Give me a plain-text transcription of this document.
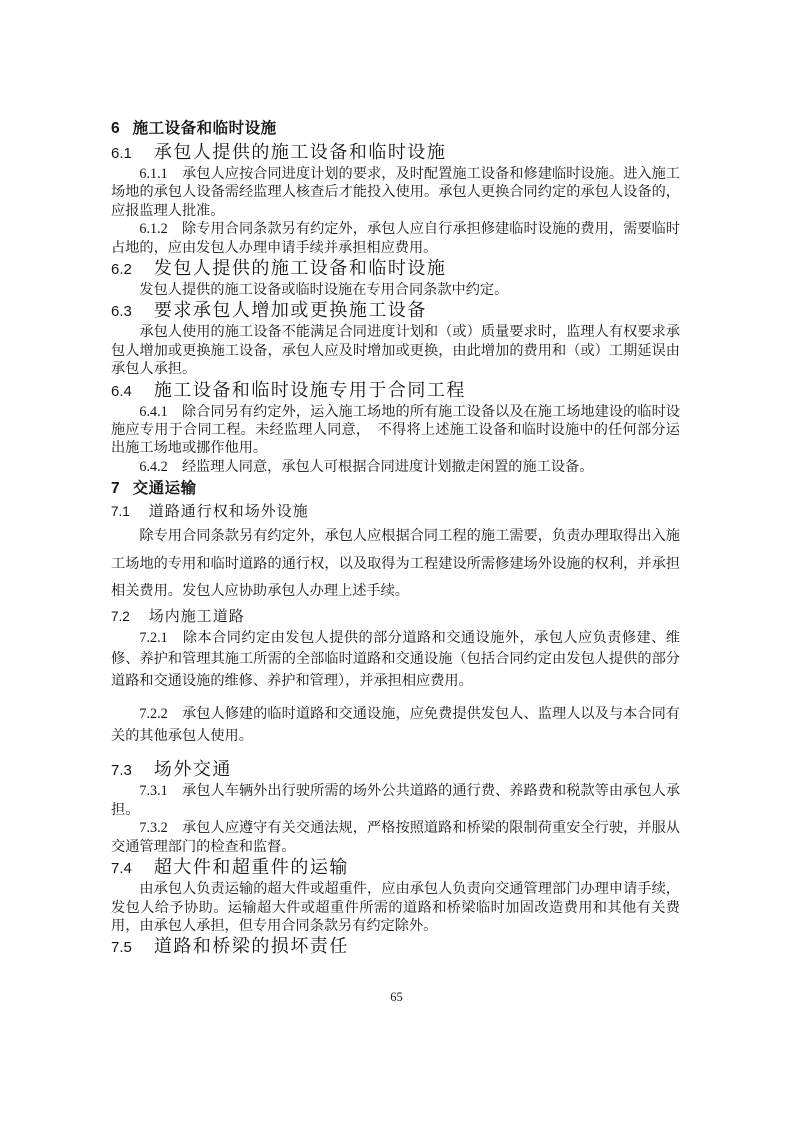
6 施工设备和临时设施
6.1 承包人提供的施工设备和临时设施
6.1.1　承包人应按合同进度计划的要求，及时配置施工设备和修建临时设施。进入施工场地的承包人设备需经监理人核查后才能投入使用。承包人更换合同约定的承包人设备的，应报监理人批准。
6.1.2　除专用合同条款另有约定外，承包人应自行承担修建临时设施的费用，需要临时占地的，应由发包人办理申请手续并承担相应费用。
6.2 发包人提供的施工设备和临时设施
发包人提供的施工设备或临时设施在专用合同条款中约定。
6.3 要求承包人增加或更换施工设备
承包人使用的施工设备不能满足合同进度计划和（或）质量要求时，监理人有权要求承包人增加或更换施工设备，承包人应及时增加或更换，由此增加的费用和（或）工期延误由承包人承担。
6.4 施工设备和临时设施专用于合同工程
6.4.1　除合同另有约定外，运入施工场地的所有施工设备以及在施工场地建设的临时设施应专用于合同工程。未经监理人同意，　不得将上述施工设备和临时设施中的任何部分运出施工场地或挪作他用。
6.4.2　经监理人同意，承包人可根据合同进度计划撤走闲置的施工设备。
7 交通运输
7.1 道路通行权和场外设施
除专用合同条款另有约定外，承包人应根据合同工程的施工需要，负责办理取得出入施工场地的专用和临时道路的通行权，以及取得为工程建设所需修建场外设施的权利，并承担相关费用。发包人应协助承包人办理上述手续。
7.2 场内施工道路
7.2.1　除本合同约定由发包人提供的部分道路和交通设施外，承包人应负责修建、维修、养护和管理其施工所需的全部临时道路和交通设施（包括合同约定由发包人提供的部分道路和交通设施的维修、养护和管理），并承担相应费用。
7.2.2　承包人修建的临时道路和交通设施，应免费提供发包人、监理人以及与本合同有关的其他承包人使用。
7.3 场外交通
7.3.1　承包人车辆外出行驶所需的场外公共道路的通行费、养路费和税款等由承包人承担。
7.3.2　承包人应遵守有关交通法规，严格按照道路和桥梁的限制荷重安全行驶，并服从交通管理部门的检查和监督。
7.4 超大件和超重件的运输
由承包人负责运输的超大件或超重件，应由承包人负责向交通管理部门办理申请手续，发包人给予协助。运输超大件或超重件所需的道路和桥梁临时加固改造费用和其他有关费用，由承包人承担，但专用合同条款另有约定除外。
7.5 道路和桥梁的损坏责任
65
